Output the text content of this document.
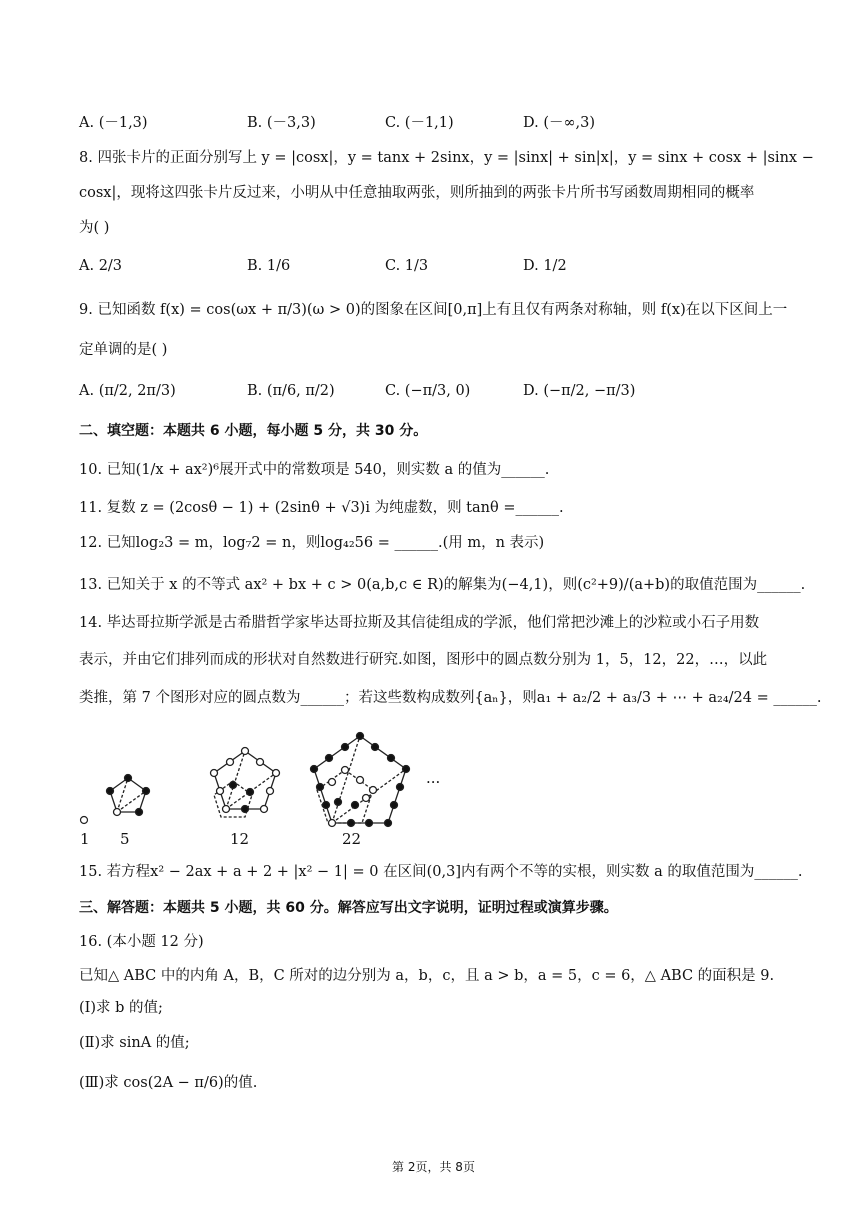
A. (－1,3)	B. (－3,3)	C. (－1,1)	D. (－∞,3)
8. 四张卡片的正面分别写上 y = |cosx|，y = tanx + 2sinx，y = |sinx| + sin|x|，y = sinx + cosx + |sinx −
cosx|，现将这四张卡片反过来，小明从中任意抽取两张，则所抽到的两张卡片所书写函数周期相同的概率
为( )
A. 2/3	B. 1/6	C. 1/3	D. 1/2
9. 已知函数 f(x) = cos(ωx + π/3)(ω > 0)的图象在区间[0,π]上有且仅有两条对称轴，则 f(x)在以下区间上一
定单调的是( )
A. (π/2, 2π/3)	B. (π/6, π/2)	C. (−π/3, 0)	D. (−π/2, −π/3)
二、填空题：本题共 6 小题，每小题 5 分，共 30 分。
10. 已知(1/x + ax²)⁶展开式中的常数项是 540，则实数 a 的值为______.
11. 复数 z = (2cosθ − 1) + (2sinθ + √3)i 为纯虚数，则 tanθ =______.
12. 已知log₂3 = m，log₇2 = n，则log₄₂56 = ______.(用 m，n 表示)
13. 已知关于 x 的不等式 ax² + bx + c > 0(a,b,c ∈ R)的解集为(−4,1)，则(c²+9)/(a+b)的取值范围为______.
14. 毕达哥拉斯学派是古希腊哲学家毕达哥拉斯及其信徒组成的学派，他们常把沙滩上的沙粒或小石子用数
表示，并由它们排列而成的形状对自然数进行研究.如图，图形中的圆点数分别为 1，5，12，22，…，以此
类推，第 7 个图形对应的圆点数为______；若这些数构成数列{aₙ}，则a₁ + a₂/2 + a₃/3 + ⋯ + a₂₄/24 = ______.
1 5	12	22
···
15. 若方程x² − 2ax + a + 2 + |x² − 1| = 0 在区间(0,3]内有两个不等的实根，则实数 a 的取值范围为______.
三、解答题：本题共 5 小题，共 60 分。解答应写出文字说明，证明过程或演算步骤。
16. (本小题 12 分)
已知△ ABC 中的内角 A，B，C 所对的边分别为 a，b，c，且 a > b，a = 5，c = 6，△ ABC 的面积是 9.
(Ⅰ)求 b 的值;
(Ⅱ)求 sinA 的值;
(Ⅲ)求 cos(2A − π/6)的值.
第 2页，共 8页
